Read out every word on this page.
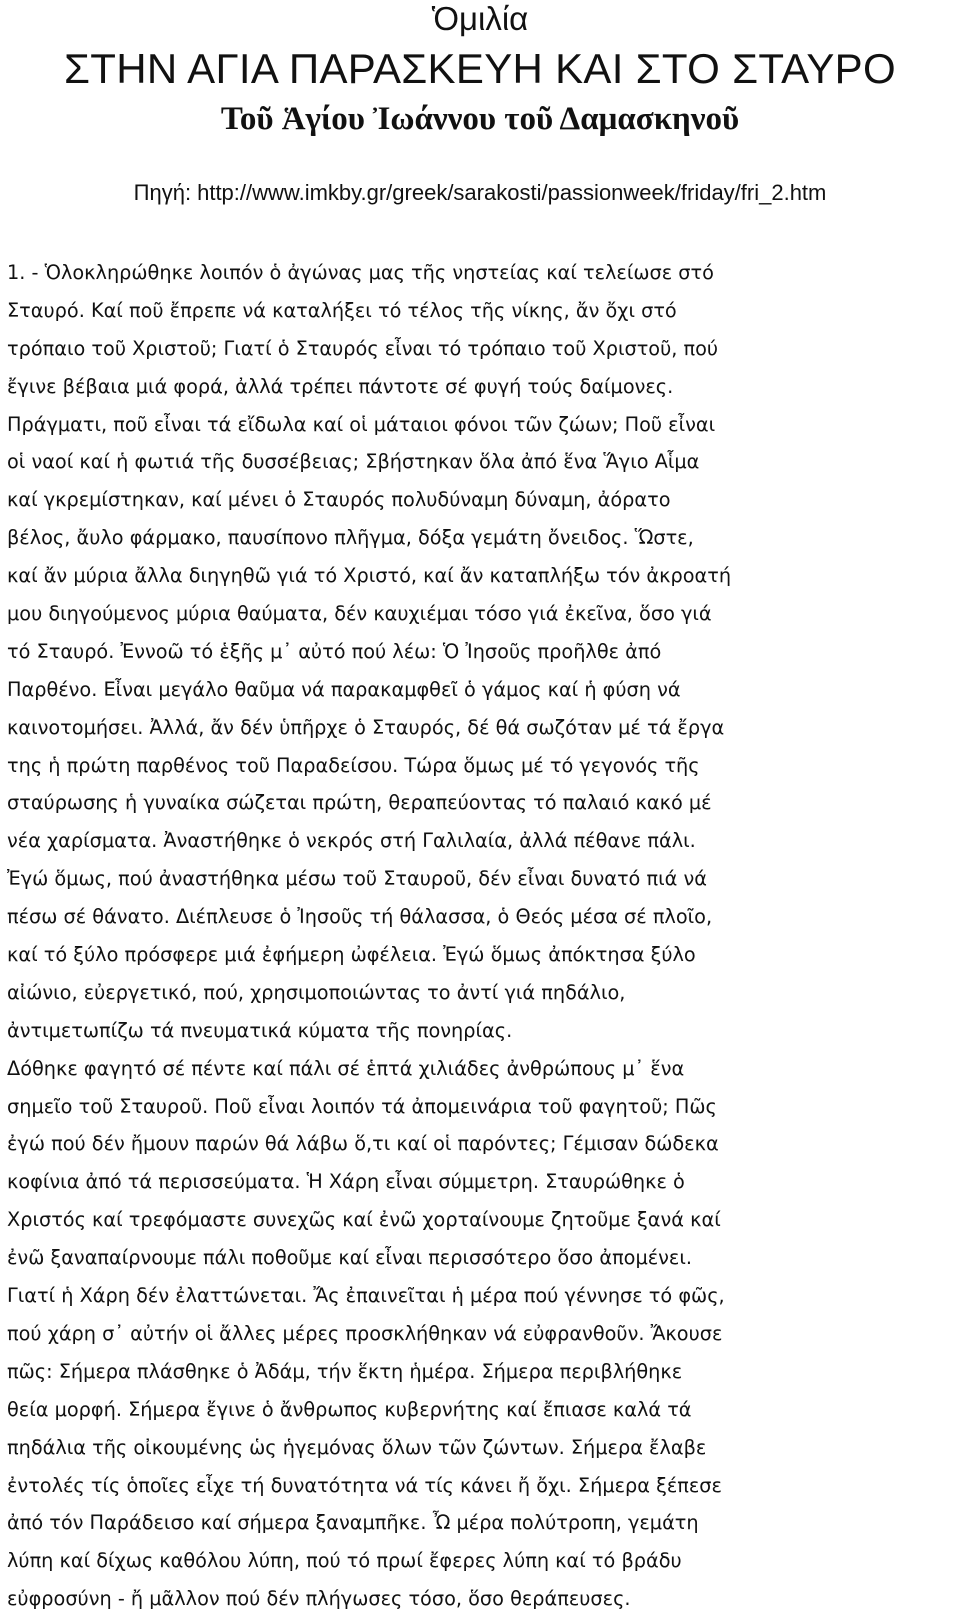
Ὁμιλία
ΣΤΗΝ ΑΓΙΑ ΠΑΡΑΣΚΕΥΗ ΚΑΙ ΣΤΟ ΣΤΑΥΡΟ
Τοῦ Ἁγίου Ἰωάννου τοῦ Δαμασκηνοῦ
Πηγή: http://www.imkby.gr/greek/sarakosti/passionweek/friday/fri_2.htm
1. - Ὁλοκληρώθηκε λοιπόν ὁ ἀγώνας μας τῆς νηστείας καί τελείωσε στό
Σταυρό. Καί ποῦ ἔπρεπε νά καταλήξει τό τέλος τῆς νίκης, ἄν ὄχι στό
τρόπαιο τοῦ Χριστοῦ; Γιατί ὁ Σταυρός εἶναι τό τρόπαιο τοῦ Χριστοῦ, πού
ἔγινε βέβαια μιά φορά, ἀλλά τρέπει πάντοτε σέ φυγή τούς δαίμονες.
Πράγματι, ποῦ εἶναι τά εἴδωλα καί οἱ μάταιοι φόνοι τῶν ζώων; Ποῦ εἶναι
οἱ ναοί καί ἡ φωτιά τῆς δυσσέβειας; Σβήστηκαν ὅλα ἀπό ἕνα Ἅγιο Αἷμα
καί γκρεμίστηκαν, καί μένει ὁ Σταυρός πολυδύναμη δύναμη, ἀόρατο
βέλος, ἄυλο φάρμακο, παυσίπονο πλῆγμα, δόξα γεμάτη ὄνειδος. Ὥστε,
καί ἄν μύρια ἄλλα διηγηθῶ γιά τό Χριστό, καί ἄν καταπλήξω τόν ἀκροατή
μου διηγούμενος μύρια θαύματα, δέν καυχιέμαι τόσο γιά ἐκεῖνα, ὅσο γιά
τό Σταυρό. Ἐννοῶ τό ἑξῆς μ᾿ αὐτό πού λέω: Ὁ Ἰησοῦς προῆλθε ἀπό
Παρθένο. Εἶναι μεγάλο θαῦμα νά παρακαμφθεῖ ὁ γάμος καί ἡ φύση νά
καινοτομήσει. Ἀλλά, ἄν δέν ὑπῆρχε ὁ Σταυρός, δέ θά σωζόταν μέ τά ἔργα
της ἡ πρώτη παρθένος τοῦ Παραδείσου. Τώρα ὅμως μέ τό γεγονός τῆς
σταύρωσης ἡ γυναίκα σώζεται πρώτη, θεραπεύοντας τό παλαιό κακό μέ
νέα χαρίσματα. Ἀναστήθηκε ὁ νεκρός στή Γαλιλαία, ἀλλά πέθανε πάλι.
Ἐγώ ὅμως, πού ἀναστήθηκα μέσω τοῦ Σταυροῦ, δέν εἶναι δυνατό πιά νά
πέσω σέ θάνατο. Διέπλευσε ὁ Ἰησοῦς τή θάλασσα, ὁ Θεός μέσα σέ πλοῖο,
καί τό ξύλο πρόσφερε μιά ἐφήμερη ὠφέλεια. Ἐγώ ὅμως ἀπόκτησα ξύλο
αἰώνιο, εὐεργετικό, πού, χρησιμοποιώντας το ἀντί γιά πηδάλιο,
ἀντιμετωπίζω τά πνευματικά κύματα τῆς πονηρίας.
Δόθηκε φαγητό σέ πέντε καί πάλι σέ ἑπτά χιλιάδες ἀνθρώπους μ᾿ ἕνα
σημεῖο τοῦ Σταυροῦ. Ποῦ εἶναι λοιπόν τά ἀπομεινάρια τοῦ φαγητοῦ; Πῶς
ἐγώ πού δέν ἤμουν παρών θά λάβω ὅ,τι καί οἱ παρόντες; Γέμισαν δώδεκα
κοφίνια ἀπό τά περισσεύματα. Ἡ Χάρη εἶναι σύμμετρη. Σταυρώθηκε ὁ
Χριστός καί τρεφόμαστε συνεχῶς καί ἐνῶ χορταίνουμε ζητοῦμε ξανά καί
ἐνῶ ξαναπαίρνουμε πάλι ποθοῦμε καί εἶναι περισσότερο ὅσο ἀπομένει.
Γιατί ἡ Χάρη δέν ἐλαττώνεται. Ἄς ἐπαινεῖται ἡ μέρα πού γέννησε τό φῶς,
πού χάρη σ᾿ αὐτήν οἱ ἄλλες μέρες προσκλήθηκαν νά εὐφρανθοῦν. Ἄκουσε
πῶς: Σήμερα πλάσθηκε ὁ Ἀδάμ, τήν ἕκτη ἡμέρα. Σήμερα περιβλήθηκε
θεία μορφή. Σήμερα ἔγινε ὁ ἄνθρωπος κυβερνήτης καί ἔπιασε καλά τά
πηδάλια τῆς οἰκουμένης ὡς ἡγεμόνας ὅλων τῶν ζώντων. Σήμερα ἔλαβε
ἐντολές τίς ὁποῖες εἶχε τή δυνατότητα νά τίς κάνει ἤ ὄχι. Σήμερα ξέπεσε
ἀπό τόν Παράδεισο καί σήμερα ξαναμπῆκε. Ὦ μέρα πολύτροπη, γεμάτη
λύπη καί δίχως καθόλου λύπη, πού τό πρωί ἔφερες λύπη καί τό βράδυ
εὐφροσύνη - ἤ μᾶλλον πού δέν πλήγωσες τόσο, ὅσο θεράπευσες.
